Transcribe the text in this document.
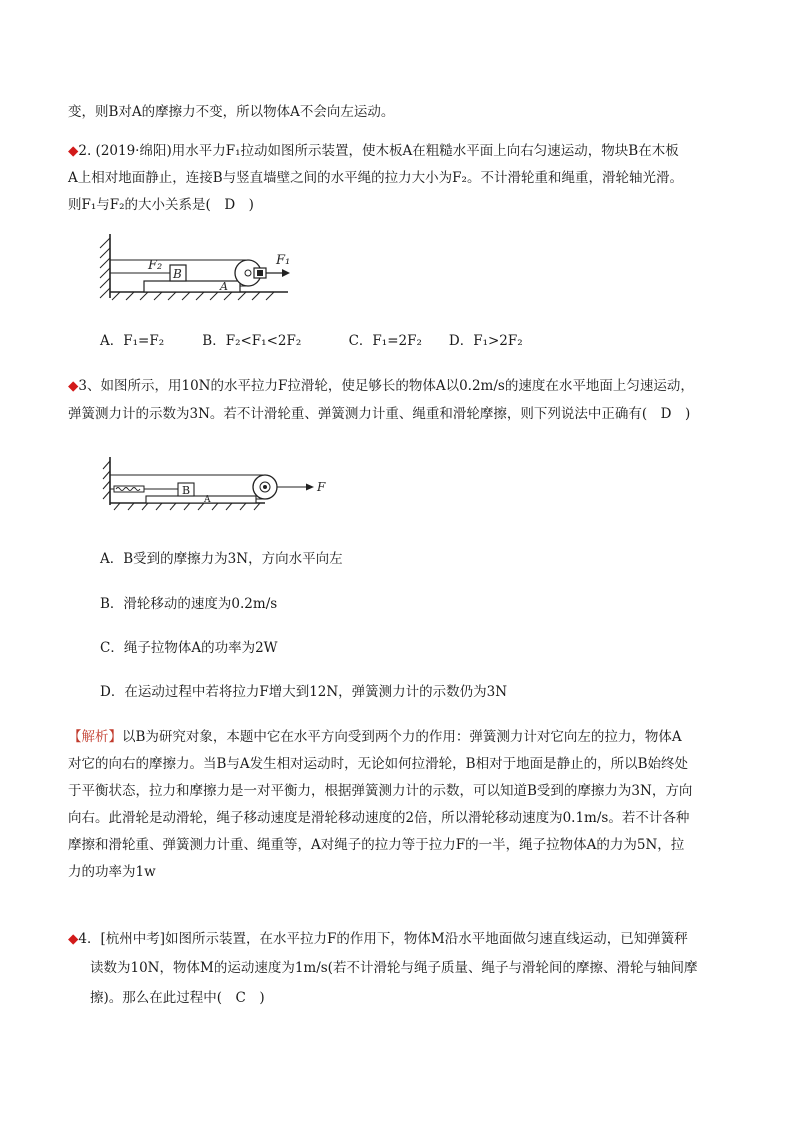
变，则B对A的摩擦力不变，所以物体A不会向左运动。
◆2. (2019·绵阳)用水平力F₁拉动如图所示装置，使木板A在粗糙水平面上向右匀速运动，物块B在木板
A上相对地面静止，连接B与竖直墙壁之间的水平绳的拉力大小为F₂。不计滑轮重和绳重，滑轮轴光滑。
则F₁与F₂的大小关系是(　D　)
F₂
B
A
F₁
A．F₁=F₂	B．F₂<F₁<2F₂	C．F₁=2F₂ D．F₁>2F₂
◆3、如图所示，用10N的水平拉力F拉滑轮，使足够长的物体A以0.2m/s的速度在水平地面上匀速运动，
弹簧测力计的示数为3N。若不计滑轮重、弹簧测力计重、绳重和滑轮摩擦，则下列说法中正确有(　D　)
B
A
F
A．B受到的摩擦力为3N，方向水平向左
B．滑轮移动的速度为0.2m/s
C．绳子拉物体A的功率为2W
D．在运动过程中若将拉力F增大到12N，弹簧测力计的示数仍为3N
【解析】以B为研究对象，本题中它在水平方向受到两个力的作用：弹簧测力计对它向左的拉力，物体A
对它的向右的摩擦力。当B与A发生相对运动时，无论如何拉滑轮，B相对于地面是静止的，所以B始终处
于平衡状态，拉力和摩擦力是一对平衡力，根据弹簧测力计的示数，可以知道B受到的摩擦力为3N，方向
向右。此滑轮是动滑轮，绳子移动速度是滑轮移动速度的2倍，所以滑轮移动速度为0.1m/s。若不计各种
摩擦和滑轮重、弹簧测力计重、绳重等，A对绳子的拉力等于拉力F的一半，绳子拉物体A的力为5N，拉
力的功率为1w
◆4．[杭州中考]如图所示装置，在水平拉力F的作用下，物体M沿水平地面做匀速直线运动，已知弹簧秤
读数为10N，物体M的运动速度为1m/s(若不计滑轮与绳子质量、绳子与滑轮间的摩擦、滑轮与轴间摩
擦)。那么在此过程中(　C　)
